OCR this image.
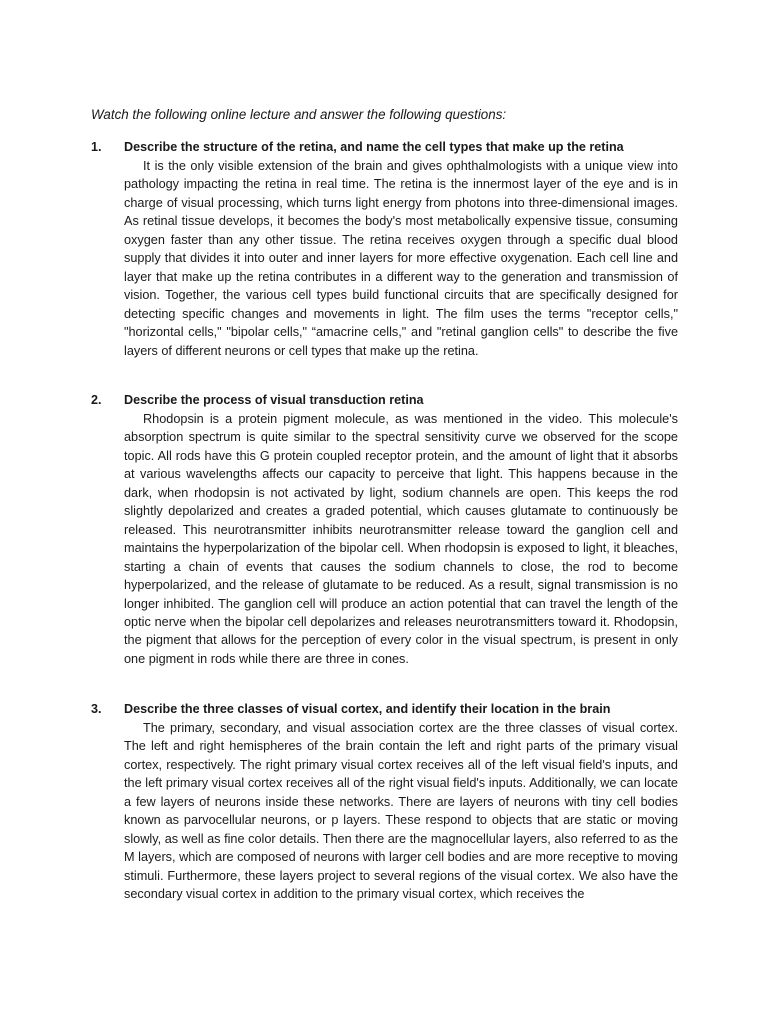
Watch the following online lecture and answer the following questions:
1.	Describe the structure of the retina, and name the cell types that make up the retina
It is the only visible extension of the brain and gives ophthalmologists with a unique view into pathology impacting the retina in real time. The retina is the innermost layer of the eye and is in charge of visual processing, which turns light energy from photons into three-dimensional images. As retinal tissue develops, it becomes the body's most metabolically expensive tissue, consuming oxygen faster than any other tissue. The retina receives oxygen through a specific dual blood supply that divides it into outer and inner layers for more effective oxygenation. Each cell line and layer that make up the retina contributes in a different way to the generation and transmission of vision. Together, the various cell types build functional circuits that are specifically designed for detecting specific changes and movements in light. The film uses the terms "receptor cells," "horizontal cells," "bipolar cells," “amacrine cells," and "retinal ganglion cells" to describe the five layers of different neurons or cell types that make up the retina.
2.	Describe the process of visual transduction retina
Rhodopsin is a protein pigment molecule, as was mentioned in the video. This molecule's absorption spectrum is quite similar to the spectral sensitivity curve we observed for the scope topic. All rods have this G protein coupled receptor protein, and the amount of light that it absorbs at various wavelengths affects our capacity to perceive that light. This happens because in the dark, when rhodopsin is not activated by light, sodium channels are open. This keeps the rod slightly depolarized and creates a graded potential, which causes glutamate to continuously be released. This neurotransmitter inhibits neurotransmitter release toward the ganglion cell and maintains the hyperpolarization of the bipolar cell. When rhodopsin is exposed to light, it bleaches, starting a chain of events that causes the sodium channels to close, the rod to become hyperpolarized, and the release of glutamate to be reduced. As a result, signal transmission is no longer inhibited. The ganglion cell will produce an action potential that can travel the length of the optic nerve when the bipolar cell depolarizes and releases neurotransmitters toward it. Rhodopsin, the pigment that allows for the perception of every color in the visual spectrum, is present in only one pigment in rods while there are three in cones.
3.	Describe the three classes of visual cortex, and identify their location in the brain
The primary, secondary, and visual association cortex are the three classes of visual cortex. The left and right hemispheres of the brain contain the left and right parts of the primary visual cortex, respectively. The right primary visual cortex receives all of the left visual field's inputs, and the left primary visual cortex receives all of the right visual field's inputs. Additionally, we can locate a few layers of neurons inside these networks. There are layers of neurons with tiny cell bodies known as parvocellular neurons, or p layers. These respond to objects that are static or moving slowly, as well as fine color details. Then there are the magnocellular layers, also referred to as the M layers, which are composed of neurons with larger cell bodies and are more receptive to moving stimuli. Furthermore, these layers project to several regions of the visual cortex. We also have the secondary visual cortex in addition to the primary visual cortex, which receives the
